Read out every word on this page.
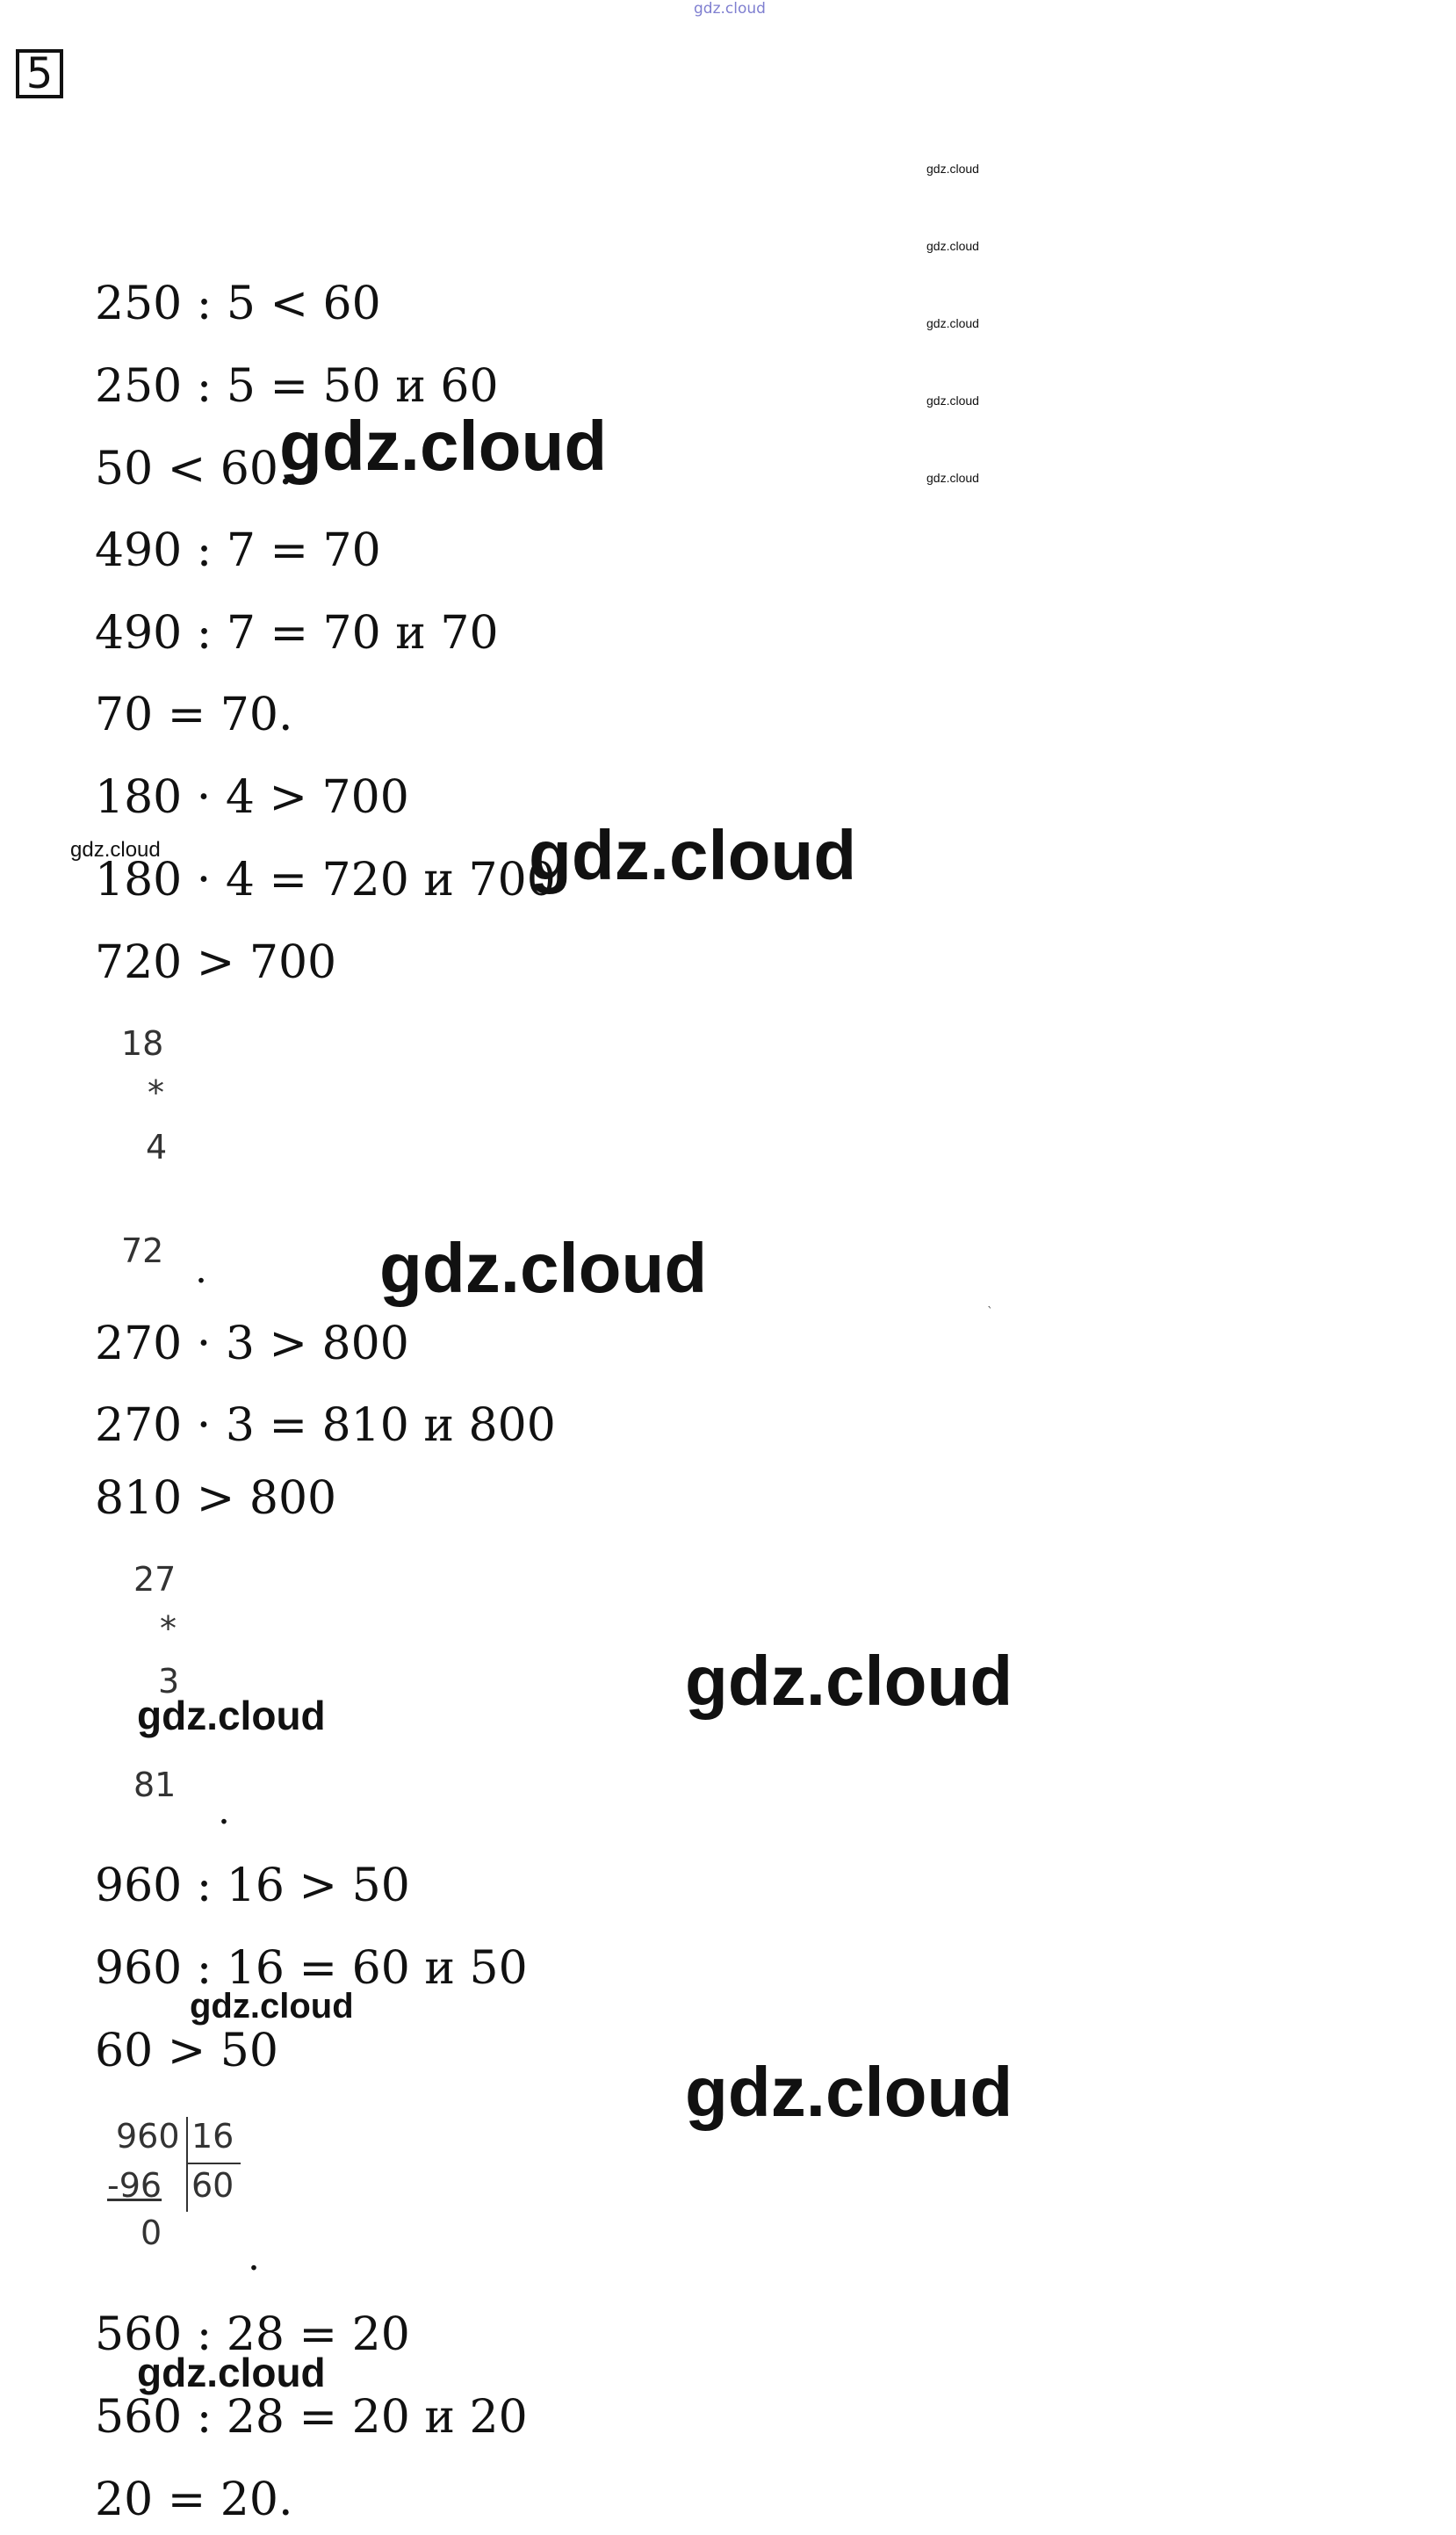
gdz.cloud
5
gdz.cloud
gdz.cloud
gdz.cloud
gdz.cloud
gdz.cloud
250 : 5 < 60
250 : 5 = 50 и 60
50 < 60.
490 : 7 = 70
490 : 7 = 70 и 70
70 = 70.
180 · 4 > 700
180 · 4 = 720 и 700
720 > 700
gdz.cloud
gdz.cloud	gdz.cloud
18
*
4
72 . gdz.cloud
`
270 · 3 > 800
270 · 3 = 810 и 800
810 > 800
27
*
3
gdz.cloud
81
.
gdz.cloud
960 : 16 > 50
960 : 16 = 60 и 50
gdz.cloud
60 > 50
gdz.cloud
960 16
-96 60
0
.
560 : 28 = 20
gdz.cloud
560 : 28 = 20 и 20
20 = 20.
